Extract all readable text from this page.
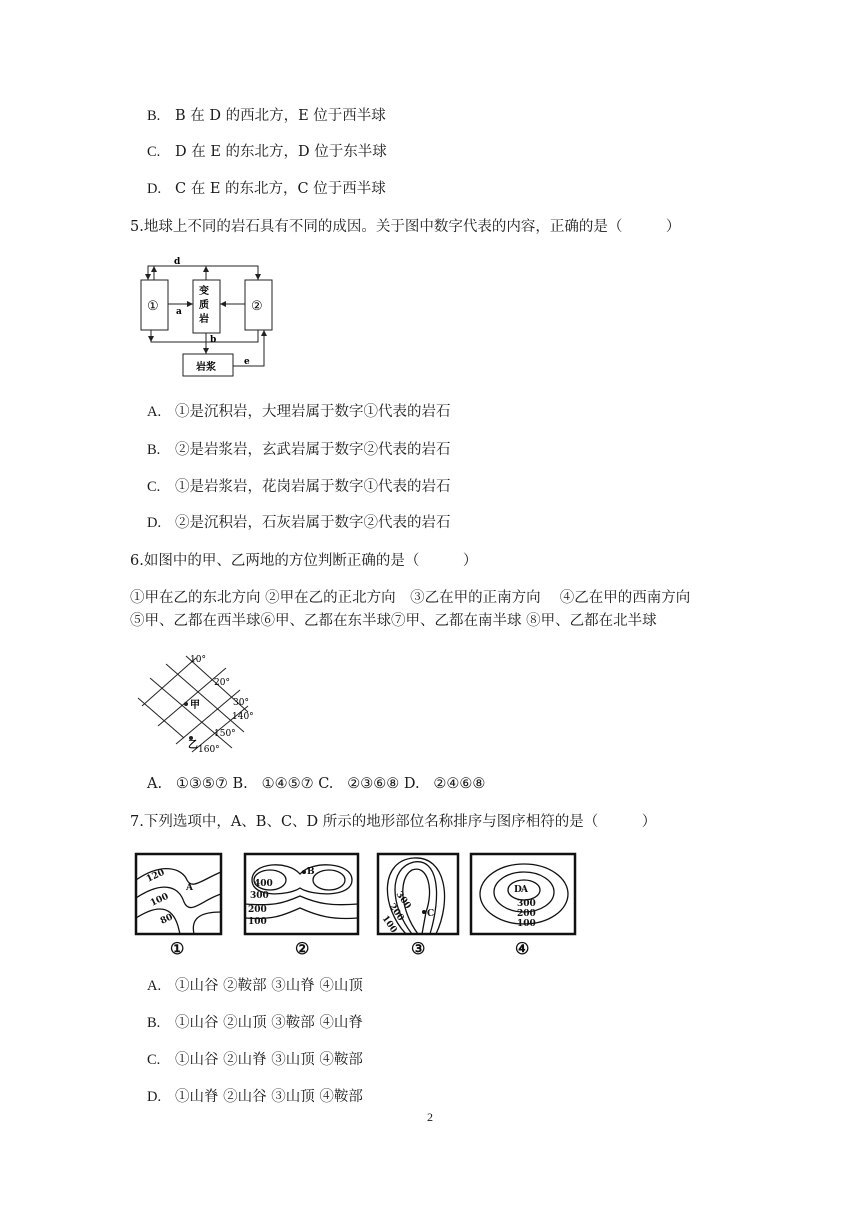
B. B 在 D 的西北方，E 位于西半球
C. D 在 E 的东北方，D 位于东半球
D. C 在 E 的东北方，C 位于西半球
5.地球上不同的岩石具有不同的成因。关于图中数字代表的内容，正确的是（　　　）
①	②
变
质
岩
岩浆
d
a
b
e
A. ①是沉积岩，大理岩属于数字①代表的岩石
B. ②是岩浆岩，玄武岩属于数字②代表的岩石
C. ①是岩浆岩，花岗岩属于数字①代表的岩石
D. ②是沉积岩，石灰岩属于数字②代表的岩石
6.如图中的甲、乙两地的方位判断正确的是（　　　）
①甲在乙的东北方向 ②甲在乙的正北方向　③乙在甲的正南方向　 ④乙在甲的西南方向
⑤甲、乙都在西半球⑥甲、乙都在东半球⑦甲、乙都在南半球 ⑧甲、乙都在北半球
10°
20°
30°
140°
150°
160°
甲
乙
A. ①③⑤⑦ B. ①④⑤⑦ C. ②③⑥⑧ D. ②④⑥⑧
7.下列选项中，A、B、C、D 所示的地形部位名称排序与图序相符的是（　　　）
120
100
80
A	400
300
200
100
B
300
200
100	C
D A
300
200
100
①	②	③	④
A. ①山谷 ②鞍部 ③山脊 ④山顶
B. ①山谷 ②山顶 ③鞍部 ④山脊
C. ①山谷 ②山脊 ③山顶 ④鞍部
D. ①山脊 ②山谷 ③山顶 ④鞍部
2
